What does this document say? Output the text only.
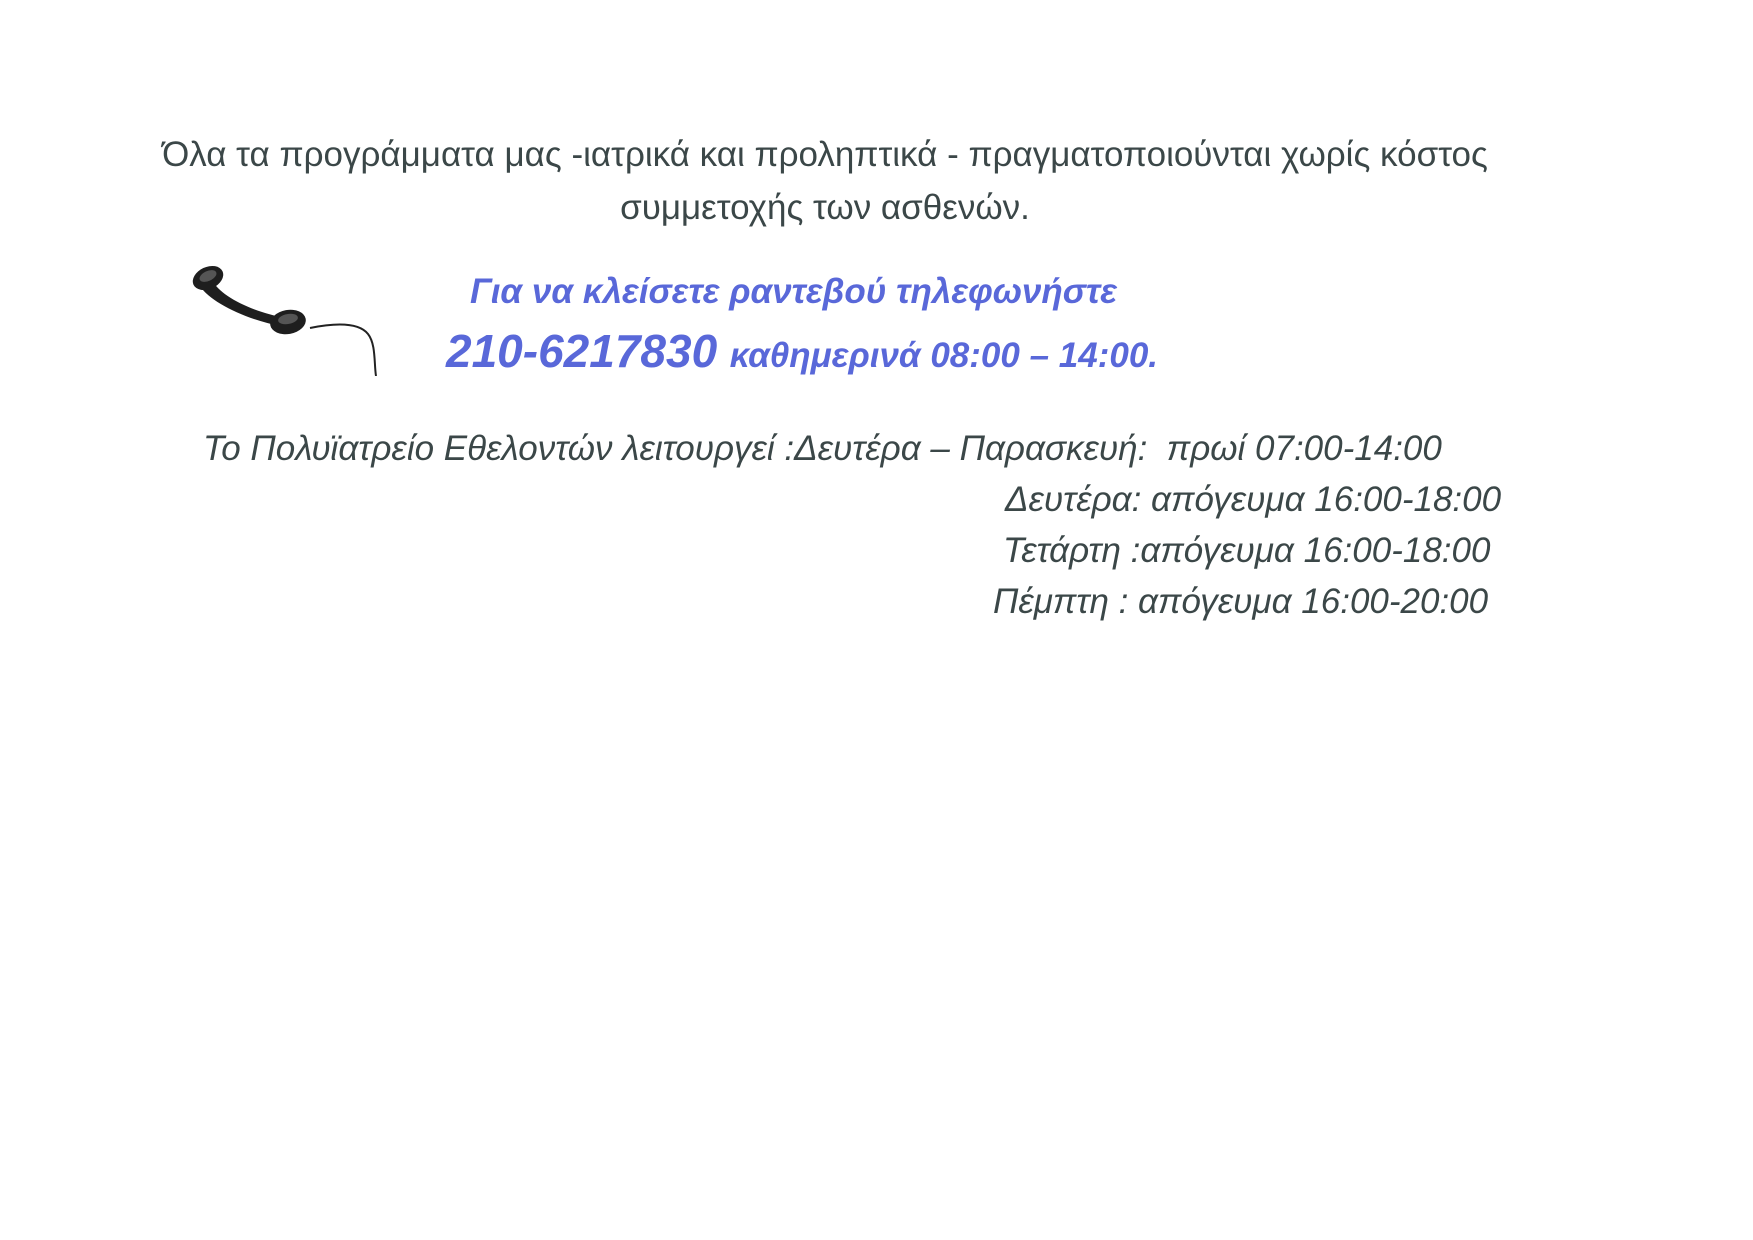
Όλα τα προγράμματα μας -ιατρικά και προληπτικά - πραγματοποιούνται χωρίς κόστος
συμμετοχής των ασθενών.
Για να κλείσετε ραντεβού τηλεφωνήστε
210-6217830 καθημερινά 08:00 – 14:00.
Το Πολυϊατρείο Εθελοντών λειτουργεί :Δευτέρα – Παρασκευή:  πρωί 07:00-14:00
Δευτέρα: απόγευμα 16:00-18:00
Τετάρτη :απόγευμα 16:00-18:00
Πέμπτη : απόγευμα 16:00-20:00
